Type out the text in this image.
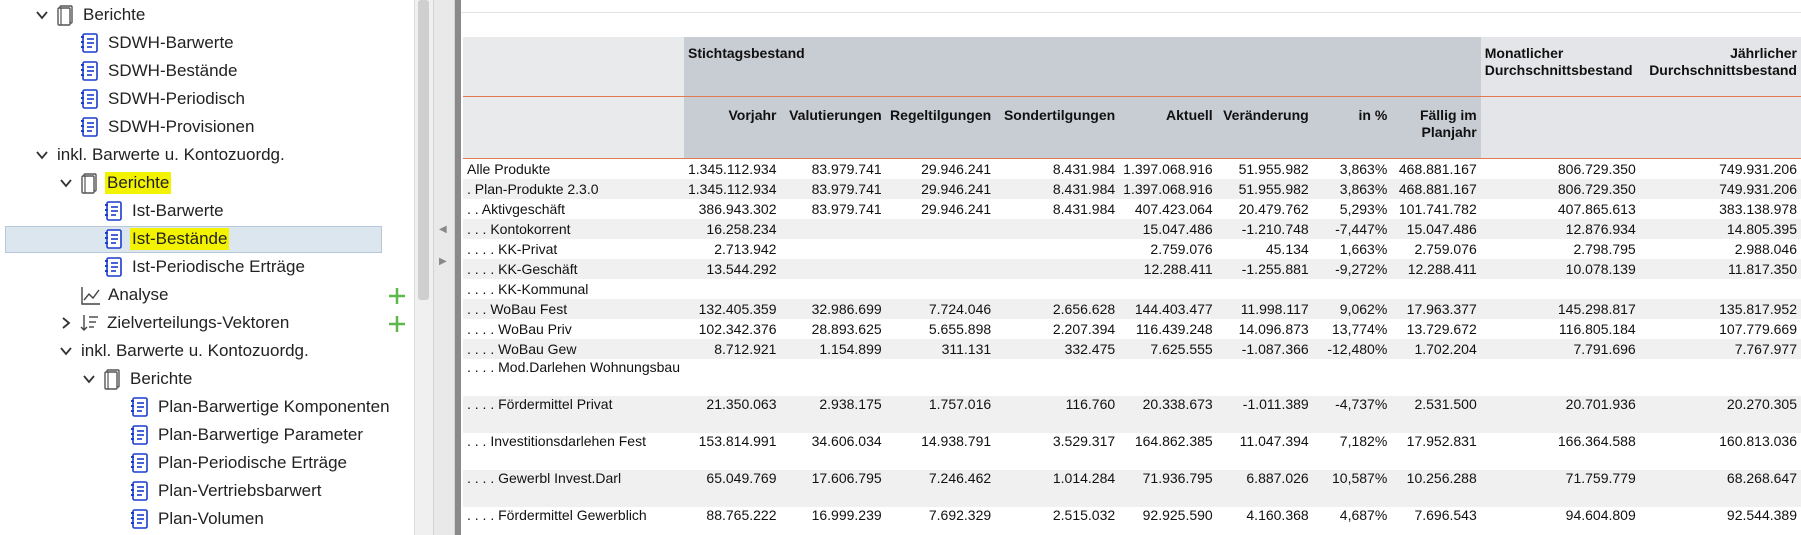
Berichte
SDWH-Barwerte
SDWH-Bestände
SDWH-Periodisch
SDWH-Provisionen
inkl. Barwerte u. Kontozuordg.
Berichte
Ist-Barwerte
Ist-Bestände
Ist-Periodische Erträge
Analyse
Zielverteilungs-Vektoren
inkl. Barwerte u. Kontozuordg.
Berichte
Plan-Barwertige Komponenten
Plan-Barwertige Parameter
Plan-Periodische Erträge
Plan-Vertriebsbarwert
Plan-Volumen
◀
▶
	Stichtagsbestand								Monatlicher Durchschnittsbestand	Jährlicher Durchschnittsbestand
	Vorjahr	Valutierungen	Regeltilgungen	Sondertilgungen	Aktuell	Veränderung	in %	Fällig im Planjahr		
Alle Produkte	1.345.112.934	83.979.741	29.946.241	8.431.984	1.397.068.916	51.955.982	3,863%	468.881.167	806.729.350	749.931.206
. Plan-Produkte 2.3.0	1.345.112.934	83.979.741	29.946.241	8.431.984	1.397.068.916	51.955.982	3,863%	468.881.167	806.729.350	749.931.206
. . Aktivgeschäft	386.943.302	83.979.741	29.946.241	8.431.984	407.423.064	20.479.762	5,293%	101.741.782	407.865.613	383.138.978
. . . Kontokorrent	16.258.234				15.047.486	-1.210.748	-7,447%	15.047.486	12.876.934	14.805.395
. . . . KK-Privat	2.713.942				2.759.076	45.134	1,663%	2.759.076	2.798.795	2.988.046
. . . . KK-Geschäft	13.544.292				12.288.411	-1.255.881	-9,272%	12.288.411	10.078.139	11.817.350
. . . . KK-Kommunal										
. . . WoBau Fest	132.405.359	32.986.699	7.724.046	2.656.628	144.403.477	11.998.117	9,062%	17.963.377	145.298.817	135.817.952
. . . . WoBau Priv	102.342.376	28.893.625	5.655.898	2.207.394	116.439.248	14.096.873	13,774%	13.729.672	116.805.184	107.779.669
. . . . WoBau Gew	8.712.921	1.154.899	311.131	332.475	7.625.555	-1.087.366	-12,480%	1.702.204	7.791.696	7.767.977
. . . . Mod.Darlehen Wohnungsbau										
. . . . Fördermittel Privat	21.350.063	2.938.175	1.757.016	116.760	20.338.673	-1.011.389	-4,737%	2.531.500	20.701.936	20.270.305
. . . Investitionsdarlehen Fest	153.814.991	34.606.034	14.938.791	3.529.317	164.862.385	11.047.394	7,182%	17.952.831	166.364.588	160.813.036
. . . . Gewerbl Invest.Darl	65.049.769	17.606.795	7.246.462	1.014.284	71.936.795	6.887.026	10,587%	10.256.288	71.759.779	68.268.647
. . . . Fördermittel Gewerblich	88.765.222	16.999.239	7.692.329	2.515.032	92.925.590	4.160.368	4,687%	7.696.543	94.604.809	92.544.389
